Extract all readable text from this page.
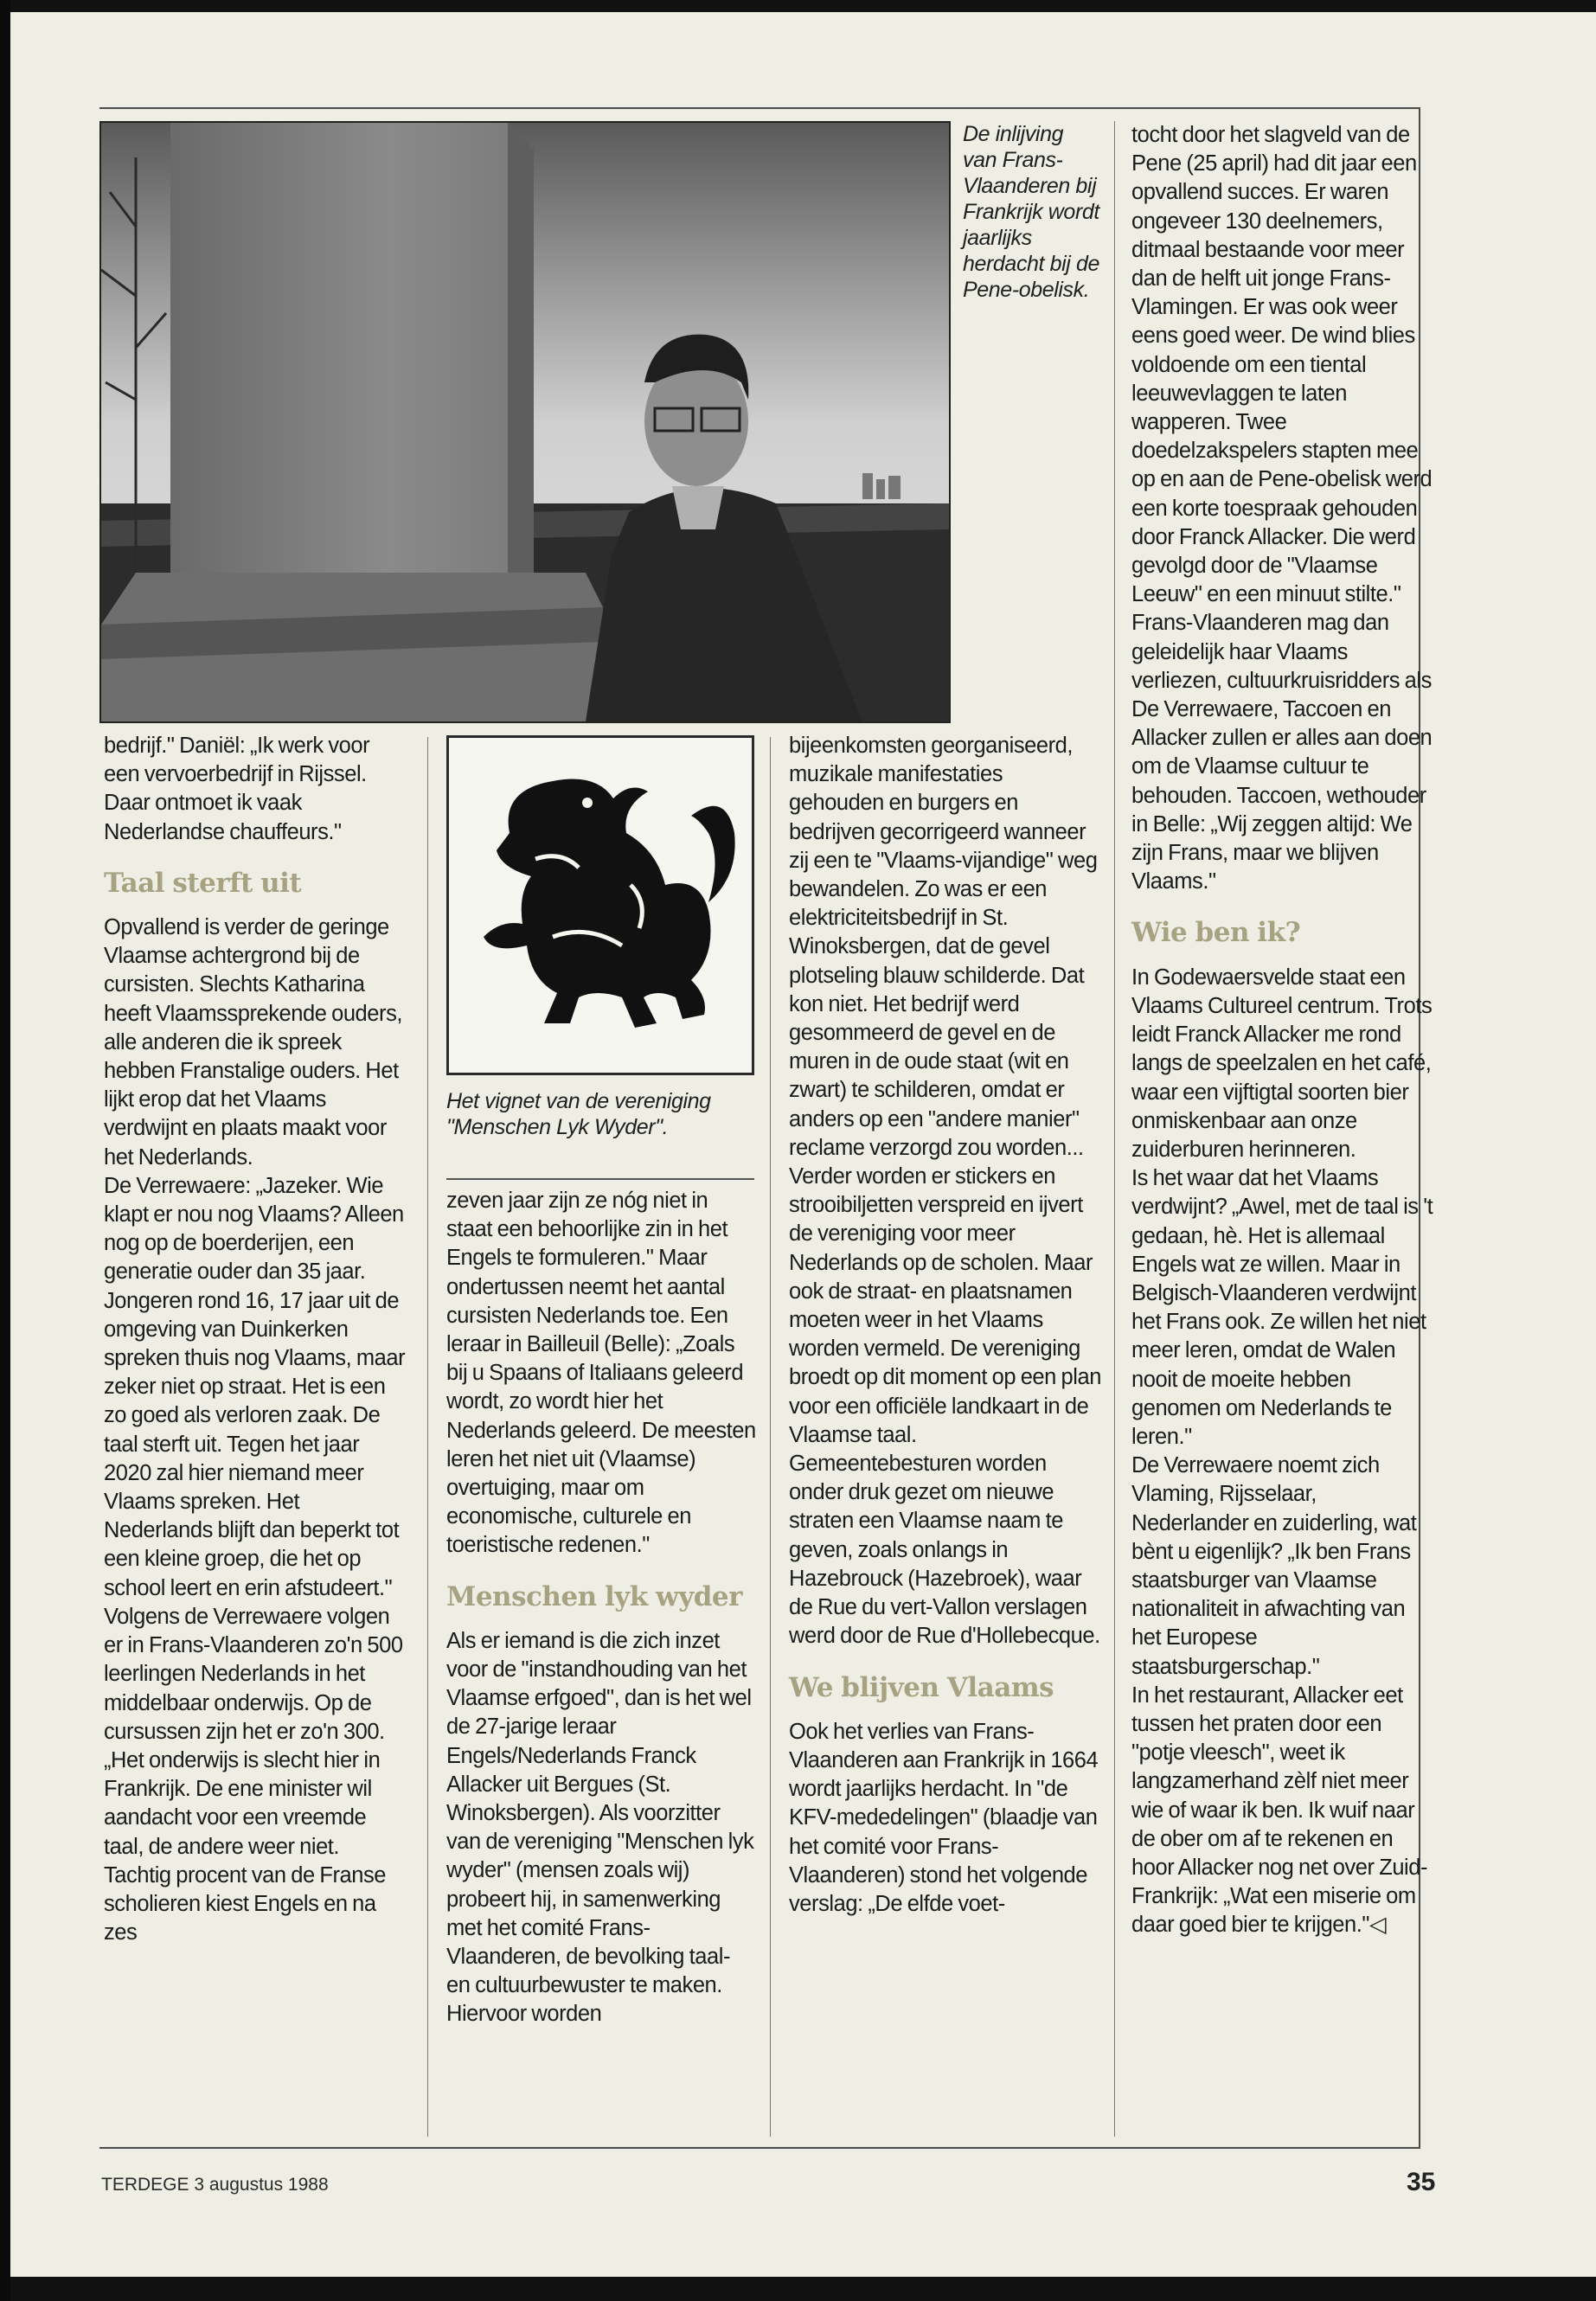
De inlijving van Frans-Vlaanderen bij Frankrijk wordt jaarlijks herdacht bij de Pene-obelisk.

bedrijf." Daniël: „Ik werk voor een vervoerbedrijf in Rijssel. Daar ontmoet ik vaak Nederlandse chauffeurs."

Taal sterft uit

Opvallend is verder de geringe Vlaamse achtergrond bij de cursisten. Slechts Katharina heeft Vlaamssprekende ouders, alle anderen die ik spreek hebben Franstalige ouders. Het lijkt erop dat het Vlaams verdwijnt en plaats maakt voor het Nederlands.

De Verrewaere: „Jazeker. Wie klapt er nou nog Vlaams? Alleen nog op de boerderijen, een generatie ouder dan 35 jaar. Jongeren rond 16, 17 jaar uit de omgeving van Duinkerken spreken thuis nog Vlaams, maar zeker niet op straat. Het is een zo goed als verloren zaak. De taal sterft uit. Tegen het jaar 2020 zal hier niemand meer Vlaams spreken. Het Nederlands blijft dan beperkt tot een kleine groep, die het op school leert en erin afstudeert."

Volgens de Verrewaere volgen er in Frans-Vlaanderen zo'n 500 leerlingen Nederlands in het middelbaar onderwijs. Op de cursussen zijn het er zo'n 300. „Het onderwijs is slecht hier in Frankrijk. De ene minister wil aandacht voor een vreemde taal, de andere weer niet. Tachtig procent van de Franse scholieren kiest Engels en na zes

Het vignet van de vereniging "Menschen Lyk Wyder".

zeven jaar zijn ze nóg niet in staat een behoorlijke zin in het Engels te formuleren." Maar ondertussen neemt het aantal cursisten Nederlands toe. Een leraar in Bailleuil (Belle): „Zoals bij u Spaans of Italiaans geleerd wordt, zo wordt hier het Nederlands geleerd. De meesten leren het niet uit (Vlaamse) overtuiging, maar om economische, culturele en toeristische redenen."

Menschen lyk wyder

Als er iemand is die zich inzet voor de "instandhouding van het Vlaamse erfgoed", dan is het wel de 27-jarige leraar Engels/Nederlands Franck Allacker uit Bergues (St. Winoksbergen). Als voorzitter van de vereniging "Menschen lyk wyder" (mensen zoals wij) probeert hij, in samenwerking met het comité Frans-Vlaanderen, de bevolking taal- en cultuurbewuster te maken. Hiervoor worden

bijeenkomsten georganiseerd, muzikale manifestaties gehouden en burgers en bedrijven gecorrigeerd wanneer zij een te "Vlaams-vijandige" weg bewandelen. Zo was er een elektriciteitsbedrijf in St. Winoksbergen, dat de gevel plotseling blauw schilderde. Dat kon niet. Het bedrijf werd gesommeerd de gevel en de muren in de oude staat (wit en zwart) te schilderen, omdat er anders op een "andere manier" reclame verzorgd zou worden...

Verder worden er stickers en strooibiljetten verspreid en ijvert de vereniging voor meer Nederlands op de scholen. Maar ook de straat- en plaatsnamen moeten weer in het Vlaams worden vermeld. De vereniging broedt op dit moment op een plan voor een officiële landkaart in de Vlaamse taal. Gemeentebesturen worden onder druk gezet om nieuwe straten een Vlaamse naam te geven, zoals onlangs in Hazebrouck (Hazebroek), waar de Rue du vert-Vallon verslagen werd door de Rue d'Hollebecque.

We blijven Vlaams

Ook het verlies van Frans-Vlaanderen aan Frankrijk in 1664 wordt jaarlijks herdacht. In "de KFV-mededelingen" (blaadje van het comité voor Frans-Vlaanderen) stond het volgende verslag: „De elfde voet-

tocht door het slagveld van de Pene (25 april) had dit jaar een opvallend succes. Er waren ongeveer 130 deelnemers, ditmaal bestaande voor meer dan de helft uit jonge Frans-Vlamingen. Er was ook weer eens goed weer. De wind blies voldoende om een tiental leeuwevlaggen te laten wapperen. Twee doedelzakspelers stapten mee op en aan de Pene-obelisk werd een korte toespraak gehouden door Franck Allacker. Die werd gevolgd door de "Vlaamse Leeuw" en een minuut stilte."

Frans-Vlaanderen mag dan geleidelijk haar Vlaams verliezen, cultuurkruisridders als De Verrewaere, Taccoen en Allacker zullen er alles aan doen om de Vlaamse cultuur te behouden. Taccoen, wethouder in Belle: „Wij zeggen altijd: We zijn Frans, maar we blijven Vlaams."

Wie ben ik?

In Godewaersvelde staat een Vlaams Cultureel centrum. Trots leidt Franck Allacker me rond langs de speelzalen en het café, waar een vijftigtal soorten bier onmiskenbaar aan onze zuiderburen herinneren.

Is het waar dat het Vlaams verdwijnt? „Awel, met de taal is 't gedaan, hè. Het is allemaal Engels wat ze willen. Maar in Belgisch-Vlaanderen verdwijnt het Frans ook. Ze willen het niet meer leren, omdat de Walen nooit de moeite hebben genomen om Nederlands te leren."

De Verrewaere noemt zich Vlaming, Rijsselaar, Nederlander en zuiderling, wat bènt u eigenlijk? „Ik ben Frans staatsburger van Vlaamse nationaliteit in afwachting van het Europese staatsburgerschap."

In het restaurant, Allacker eet tussen het praten door een "potje vleesch", weet ik langzamerhand zèlf niet meer wie of waar ik ben. Ik wuif naar de ober om af te rekenen en hoor Allacker nog net over Zuid-Frankrijk: „Wat een miserie om daar goed bier te krijgen."◁

TERDEGE 3 augustus 1988	35
